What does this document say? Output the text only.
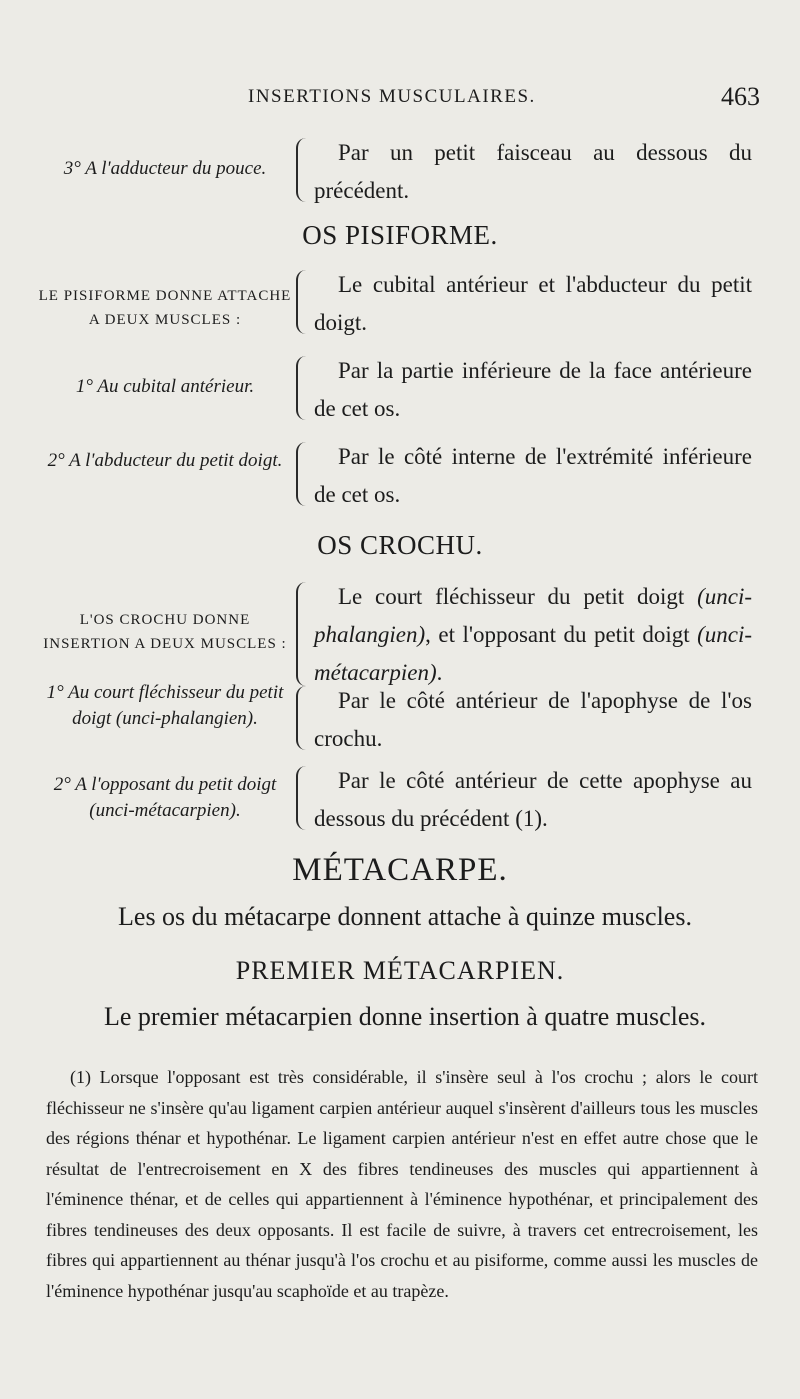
INSERTIONS MUSCULAIRES.	463
3° A l'adducteur du pouce.
Par un petit faisceau au dessous du précédent.
OS PISIFORME.
LE PISIFORME DONNE ATTACHE A DEUX MUSCLES :
Le cubital antérieur et l'abducteur du petit doigt.
1° Au cubital antérieur.
Par la partie inférieure de la face antérieure de cet os.
2° A l'abducteur du petit doigt.	Par le côté interne de l'extrémité inférieure de cet os.
OS CROCHU.
L'OS CROCHU DONNE INSERTION A DEUX MUSCLES :
Le court fléchisseur du petit doigt (unci-phalangien), et l'opposant du petit doigt (unci-métacarpien).
1° Au court fléchisseur du petit doigt (unci-phalangien).
Par le côté antérieur de l'apophyse de l'os crochu.
2° A l'opposant du petit doigt (unci-métacarpien).
Par le côté antérieur de cette apophyse au dessous du précédent (1).
MÉTACARPE.
Les os du métacarpe donnent attache à quinze muscles.
PREMIER MÉTACARPIEN.
Le premier métacarpien donne insertion à quatre muscles.
(1) Lorsque l'opposant est très considérable, il s'insère seul à l'os crochu ; alors le court fléchisseur ne s'insère qu'au ligament carpien antérieur auquel s'insèrent d'ailleurs tous les muscles des régions thénar et hypothénar. Le ligament carpien antérieur n'est en effet autre chose que le résultat de l'entrecroisement en X des fibres tendineuses des muscles qui appartiennent à l'éminence thénar, et de celles qui appartiennent à l'éminence hypothénar, et principalement des fibres tendineuses des deux opposants. Il est facile de suivre, à travers cet entrecroisement, les fibres qui appartiennent au thénar jusqu'à l'os crochu et au pisiforme, comme aussi les muscles de l'éminence hypothénar jusqu'au scaphoïde et au trapèze.
